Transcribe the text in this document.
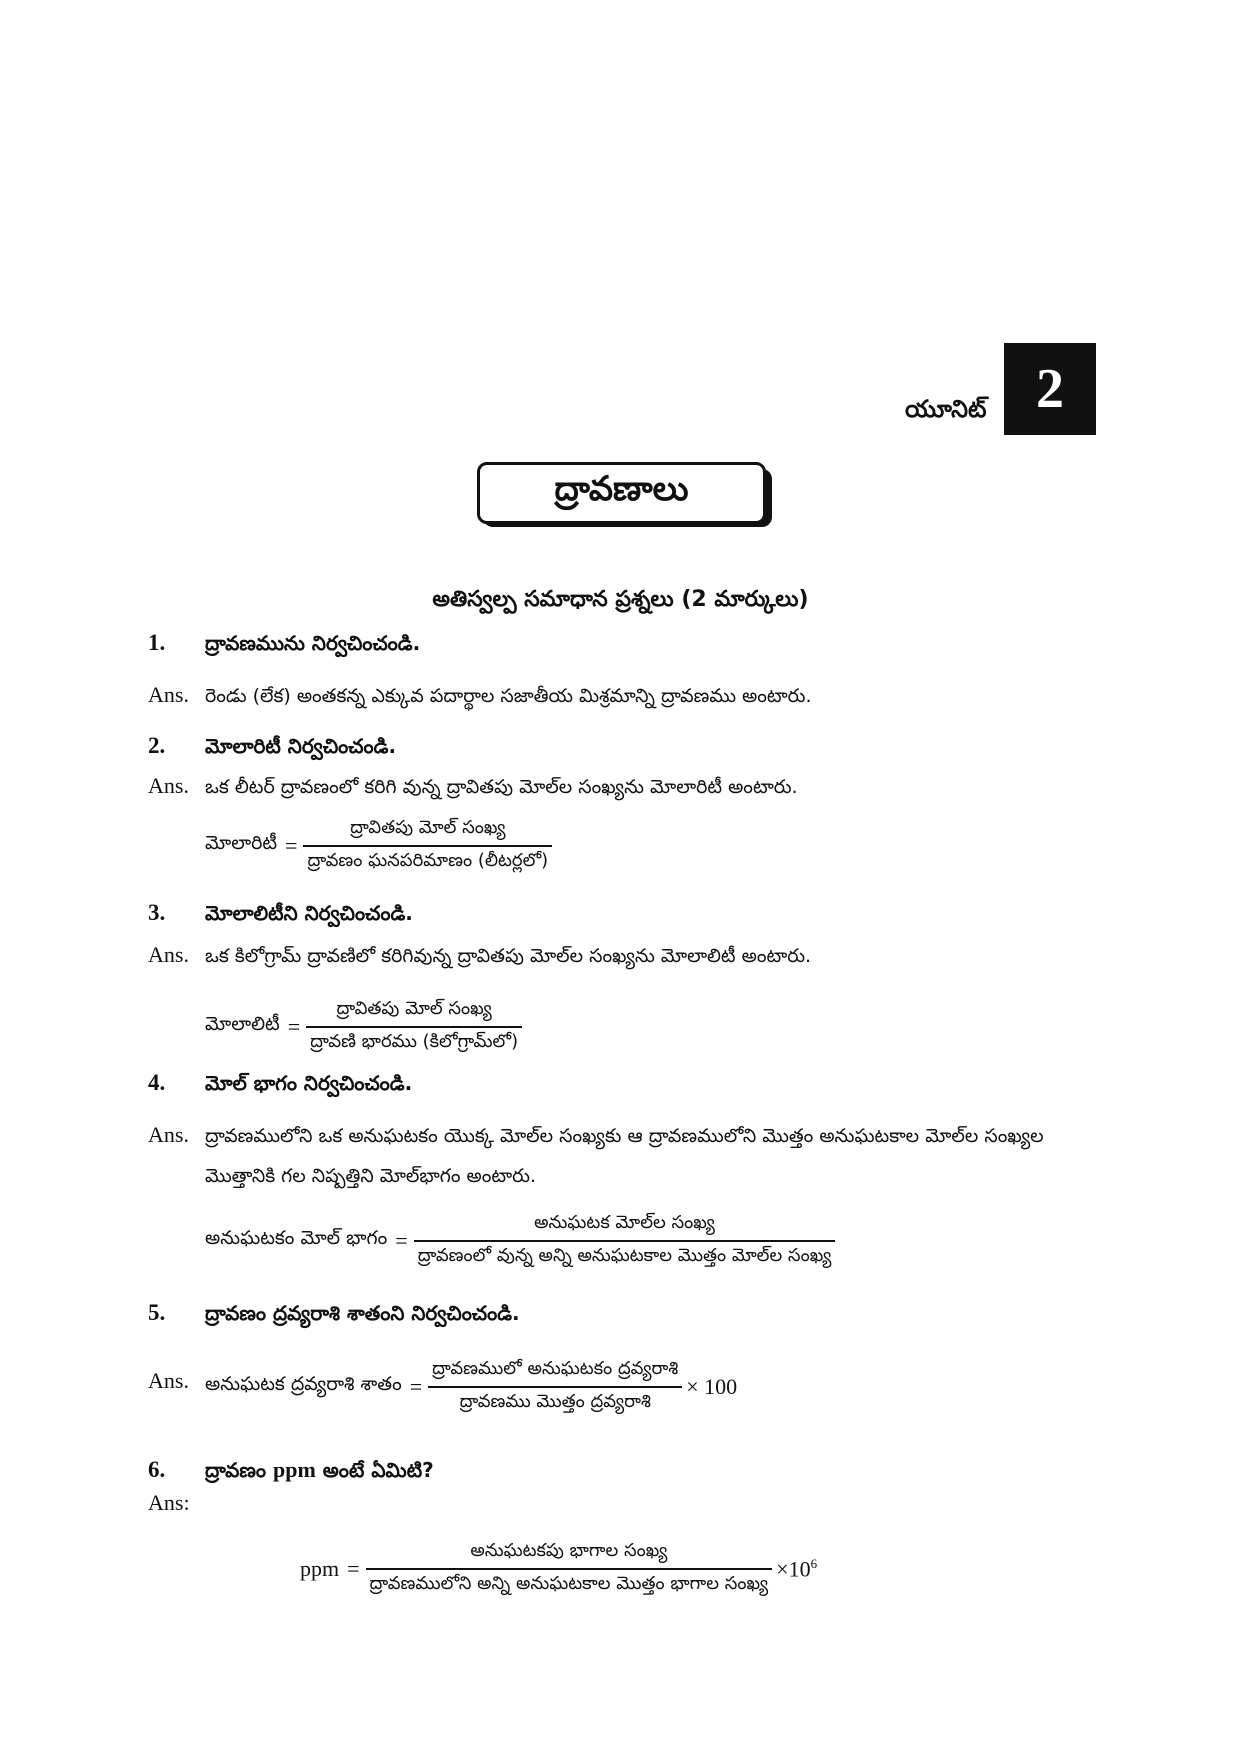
యూనిట్ 2
ద్రావణాలు
అతిస్వల్ప సమాధాన ప్రశ్నలు (2 మార్కులు)
1.	ద్రావణమును నిర్వచించండి.
Ans. రెండు (లేక) అంతకన్న ఎక్కువ పదార్థాల సజాతీయ మిశ్రమాన్ని ద్రావణము అంటారు.
2.	మోలారిటీ నిర్వచించండి.
Ans. ఒక లీటర్ ద్రావణంలో కరిగి వున్న ద్రావితపు మోల్‌ల సంఖ్యను మోలారిటీ అంటారు.
మోలారిటీ = $\frac{\text{ద్రావితపు మోల్ సంఖ్య}}{\text{ద్రావణం ఘనపరిమాణం (లీటర్లలో)}}$
3.	మోలాలిటీని నిర్వచించండి.
Ans. ఒక కిలోగ్రామ్ ద్రావణిలో కరిగివున్న ద్రావితపు మోల్‌ల సంఖ్యను మోలాలిటీ అంటారు.
మోలాలిటీ = $\frac{\text{ద్రావితపు మోల్ సంఖ్య}}{\text{ద్రావణి భారము (కిలోగ్రామ్‌లో)}}$
4.	మోల్ భాగం నిర్వచించండి.
Ans. ద్రావణములోని ఒక అనుఘటకం యొక్క మోల్‌ల సంఖ్యకు ఆ ద్రావణములోని మొత్తం అనుఘటకాల మోల్‌ల సంఖ్యల మొత్తానికి గల నిష్పత్తిని మోల్‌భాగం అంటారు.
అనుఘటకం మోల్ భాగం = $\frac{\text{అనుఘటక మోల్‌ల సంఖ్య}}{\text{ద్రావణంలో వున్న అన్ని అనుఘటకాల మొత్తం మోల్‌ల సంఖ్య}}$
5.	ద్రావణం ద్రవ్యరాశి శాతంని నిర్వచించండి.
Ans. అనుఘటక ద్రవ్యరాశి శాతం = $\frac{\text{ద్రావణములో అనుఘటకం ద్రవ్యరాశి}}{\text{ద్రావణము మొత్తం ద్రవ్యరాశి}} \times 100$
6.	ద్రావణం ppm అంటే ఏమిటి?
Ans:
ppm = $\frac{\text{అనుఘటకపు భాగాల సంఖ్య}}{\text{ద్రావణములోని అన్ని అనుఘటకాల మొత్తం భాగాల సంఖ్య}} \times 10^6$
